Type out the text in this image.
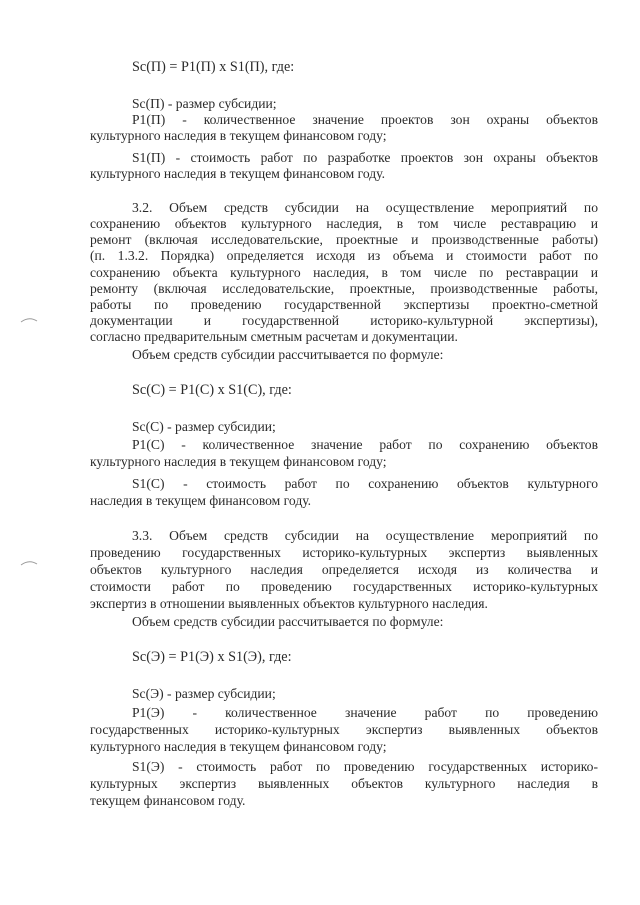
Sc(П) = P1(П) x S1(П), где:
Sc(П) - размер субсидии;
P1(П) - количественное значение проектов зон охраны объектов
культурного наследия в текущем финансовом году;
S1(П) - стоимость работ по разработке проектов зон охраны объектов
культурного наследия в текущем финансовом году.
3.2. Объем средств субсидии на осуществление мероприятий по
сохранению объектов культурного наследия, в том числе реставрацию и
ремонт (включая исследовательские, проектные и производственные работы)
(п. 1.3.2. Порядка) определяется исходя из объема и стоимости работ по
сохранению объекта культурного наследия, в том числе по реставрации и
ремонту (включая исследовательские, проектные, производственные работы,
работы по проведению государственной экспертизы проектно-сметной
документации и государственной историко-культурной экспертизы),
согласно предварительным сметным расчетам и документации.
Объем средств субсидии рассчитывается по формуле:
Sc(С) = P1(С) x S1(С), где:
Sc(С) - размер субсидии;
P1(С) - количественное значение работ по сохранению объектов
культурного наследия в текущем финансовом году;
S1(С) - стоимость работ по сохранению объектов культурного
наследия в текущем финансовом году.
3.3. Объем средств субсидии на осуществление мероприятий по
проведению государственных историко-культурных экспертиз выявленных
объектов культурного наследия определяется исходя из количества и
стоимости работ по проведению государственных историко-культурных
экспертиз в отношении выявленных объектов культурного наследия.
Объем средств субсидии рассчитывается по формуле:
Sc(Э) = P1(Э) x S1(Э), где:
Sc(Э) - размер субсидии;
P1(Э) - количественное значение работ по проведению
государственных историко-культурных экспертиз выявленных объектов
культурного наследия в текущем финансовом году;
S1(Э) - стоимость работ по проведению государственных историко-
культурных экспертиз выявленных объектов культурного наследия в
текущем финансовом году.
